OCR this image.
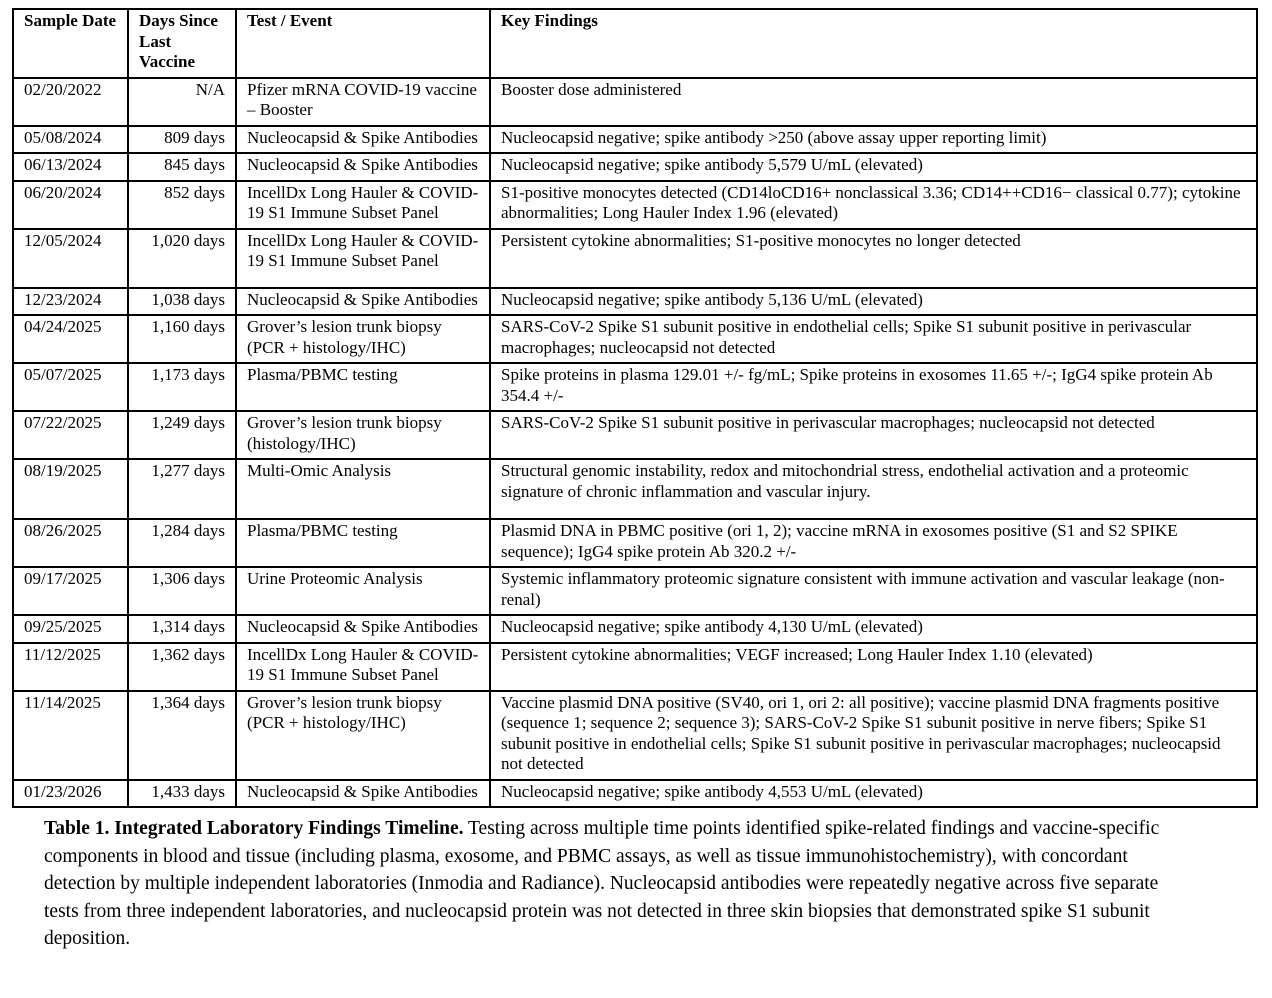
Sample Date	Days Since Last Vaccine	Test / Event	Key Findings
02/20/2022	N/A	Pfizer mRNA COVID-19 vaccine – Booster	Booster dose administered
05/08/2024	809 days	Nucleocapsid & Spike Antibodies	Nucleocapsid negative; spike antibody >250 (above assay upper reporting limit)
06/13/2024	845 days	Nucleocapsid & Spike Antibodies	Nucleocapsid negative; spike antibody 5,579 U/mL (elevated)
06/20/2024	852 days	IncellDx Long Hauler & COVID-19 S1 Immune Subset Panel	S1-positive monocytes detected (CD14loCD16+ nonclassical 3.36; CD14++CD16− classical 0.77); cytokine abnormalities; Long Hauler Index 1.96 (elevated)
12/05/2024	1,020 days	IncellDx Long Hauler & COVID-19 S1 Immune Subset Panel	Persistent cytokine abnormalities; S1-positive monocytes no longer detected
12/23/2024	1,038 days	Nucleocapsid & Spike Antibodies	Nucleocapsid negative; spike antibody 5,136 U/mL (elevated)
04/24/2025	1,160 days	Grover’s lesion trunk biopsy (PCR + histology/IHC)	SARS-CoV-2 Spike S1 subunit positive in endothelial cells; Spike S1 subunit positive in perivascular macrophages; nucleocapsid not detected
05/07/2025	1,173 days	Plasma/PBMC testing	Spike proteins in plasma 129.01 +/- fg/mL; Spike proteins in exosomes 11.65 +/-; IgG4 spike protein Ab 354.4 +/-
07/22/2025	1,249 days	Grover’s lesion trunk biopsy (histology/IHC)	SARS-CoV-2 Spike S1 subunit positive in perivascular macrophages; nucleocapsid not detected
08/19/2025	1,277 days	Multi-Omic Analysis	Structural genomic instability, redox and mitochondrial stress, endothelial activation and a proteomic signature of chronic inflammation and vascular injury.
08/26/2025	1,284 days	Plasma/PBMC testing	Plasmid DNA in PBMC positive (ori 1, 2); vaccine mRNA in exosomes positive (S1 and S2 SPIKE sequence); IgG4 spike protein Ab 320.2 +/-
09/17/2025	1,306 days	Urine Proteomic Analysis	Systemic inflammatory proteomic signature consistent with immune activation and vascular leakage (non-renal)
09/25/2025	1,314 days	Nucleocapsid & Spike Antibodies	Nucleocapsid negative; spike antibody 4,130 U/mL (elevated)
11/12/2025	1,362 days	IncellDx Long Hauler & COVID-19 S1 Immune Subset Panel	Persistent cytokine abnormalities; VEGF increased; Long Hauler Index 1.10 (elevated)
11/14/2025	1,364 days	Grover’s lesion trunk biopsy (PCR + histology/IHC)	Vaccine plasmid DNA positive (SV40, ori 1, ori 2: all positive); vaccine plasmid DNA fragments positive (sequence 1; sequence 2; sequence 3); SARS-CoV-2 Spike S1 subunit positive in nerve fibers; Spike S1 subunit positive in endothelial cells; Spike S1 subunit positive in perivascular macrophages; nucleocapsid not detected
01/23/2026	1,433 days	Nucleocapsid & Spike Antibodies	Nucleocapsid negative; spike antibody 4,553 U/mL (elevated)
Table 1. Integrated Laboratory Findings Timeline. Testing across multiple time points identified spike-related findings and vaccine-specific components in blood and tissue (including plasma, exosome, and PBMC assays, as well as tissue immunohistochemistry), with concordant detection by multiple independent laboratories (Inmodia and Radiance). Nucleocapsid antibodies were repeatedly negative across five separate tests from three independent laboratories, and nucleocapsid protein was not detected in three skin biopsies that demonstrated spike S1 subunit deposition.
